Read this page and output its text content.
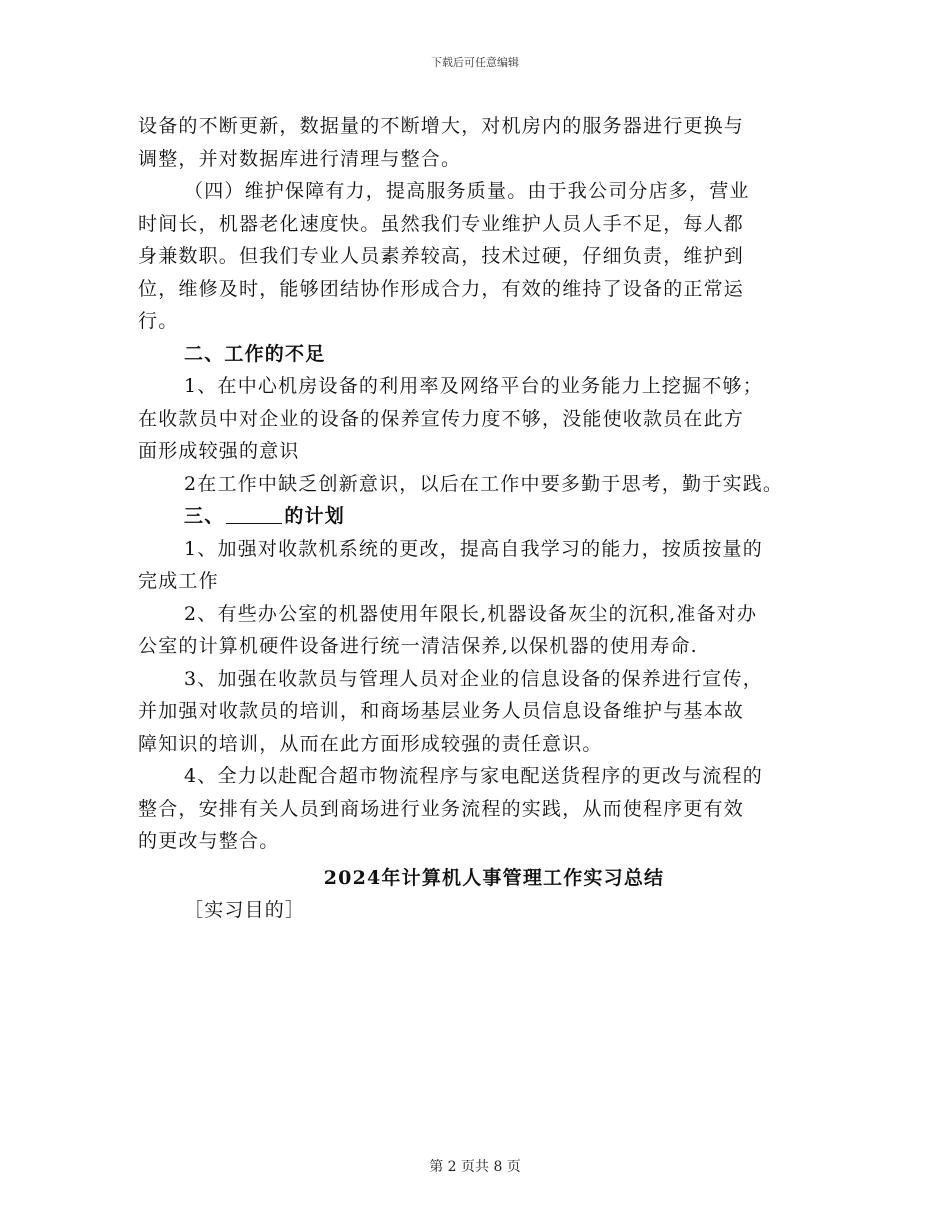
下载后可任意编辑

设备的不断更新，数据量的不断增大，对机房内的服务器进行更换与

调整，并对数据库进行清理与整合。

（四）维护保障有力，提高服务质量。由于我公司分店多，营业

时间长，机器老化速度快。虽然我们专业维护人员人手不足，每人都

身兼数职。但我们专业人员素养较高，技术过硬，仔细负责，维护到

位，维修及时，能够团结协作形成合力，有效的维持了设备的正常运

行。

二、工作的不足

1、在中心机房设备的利用率及网络平台的业务能力上挖掘不够；

在收款员中对企业的设备的保养宣传力度不够，没能使收款员在此方

面形成较强的意识

2在工作中缺乏创新意识，以后在工作中要多勤于思考，勤于实践。

三、	的计划

1、加强对收款机系统的更改，提高自我学习的能力，按质按量的

完成工作

2、有些办公室的机器使用年限长,机器设备灰尘的沉积,准备对办

公室的计算机硬件设备进行统一清洁保养,以保机器的使用寿命.

3、加强在收款员与管理人员对企业的信息设备的保养进行宣传，

并加强对收款员的培训，和商场基层业务人员信息设备维护与基本故

障知识的培训，从而在此方面形成较强的责任意识。

4、全力以赴配合超市物流程序与家电配送货程序的更改与流程的

整合，安排有关人员到商场进行业务流程的实践，从而使程序更有效

的更改与整合。

2024年计算机人事管理工作实习总结

［实习目的］

第 2 页共 8 页
